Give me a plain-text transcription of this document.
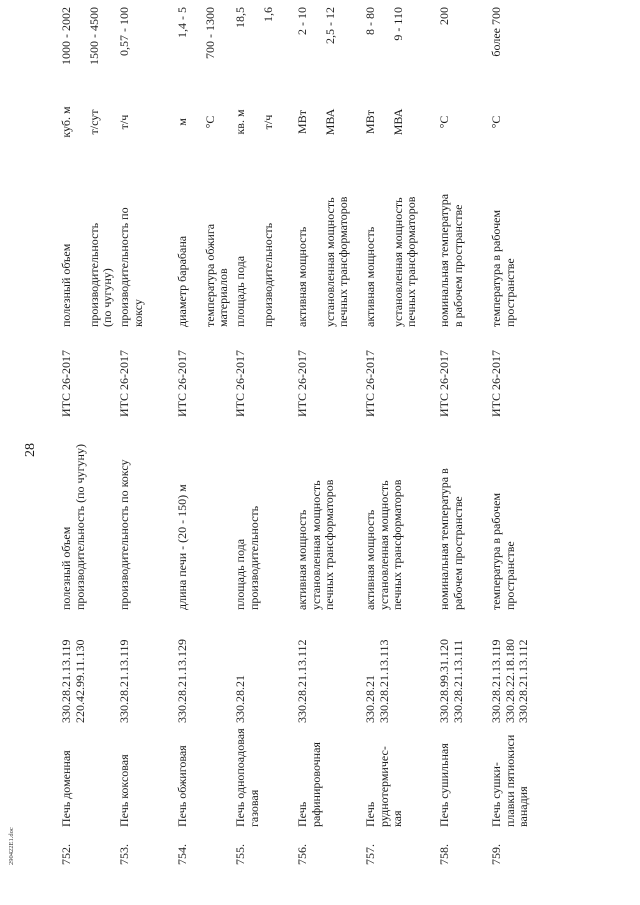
28
290422E1.doc	752.
Печь доменная
330.28.21.13.119 220.42.99.11.130
полезный объем производительность (по чугуну)
ИТС 26-2017
полезный объем
куб. м
1000 - 2002
производительность (по чугуну)
т/сут
1500 - 4500
753.
Печь коксовая
330.28.21.13.119
производительность по коксу
ИТС 26-2017
производительность по коксу
т/ч
0,57 - 100
754.
Печь обжиговая
330.28.21.13.129
длина печи - (20 - 150) м
ИТС 26-2017
диаметр барабана
м
1,4 - 5
температура обжига материалов
°C
700 - 1300
755.
Печь однопоадовая газовая
330.28.21
площадь пода производительность
ИТС 26-2017
площадь пода
кв. м
18,5
производительность
т/ч
1,6
756.
Печь рафинировочная
330.28.21.13.112
активная мощность установленная мощность печных трансформаторов
ИТС 26-2017
активная мощность
МВт
2 - 10
установленная мощность печных трансформаторов
МВА
2,5 - 12
757.
Печь руднотермичес- кая
330.28.21 330.28.21.13.113
активная мощность установленная мощность печных трансформаторов
ИТС 26-2017
активная мощность
МВт
8 - 80
установленная мощность печных трансформаторов
МВА
9 - 110
758.
Печь сушильная
330.28.99.31.120 330.28.21.13.111
номинальная температура в рабочем пространстве
ИТС 26-2017
номинальная температура в рабочем пространстве
°C
200
759.
Печь сушки- плавки пятиокиси ванадия
330.28.21.13.119 330.28.22.18.180 330.28.21.13.112
температура в рабочем пространстве
ИТС 26-2017
температура в рабочем пространстве
°C
более 700
